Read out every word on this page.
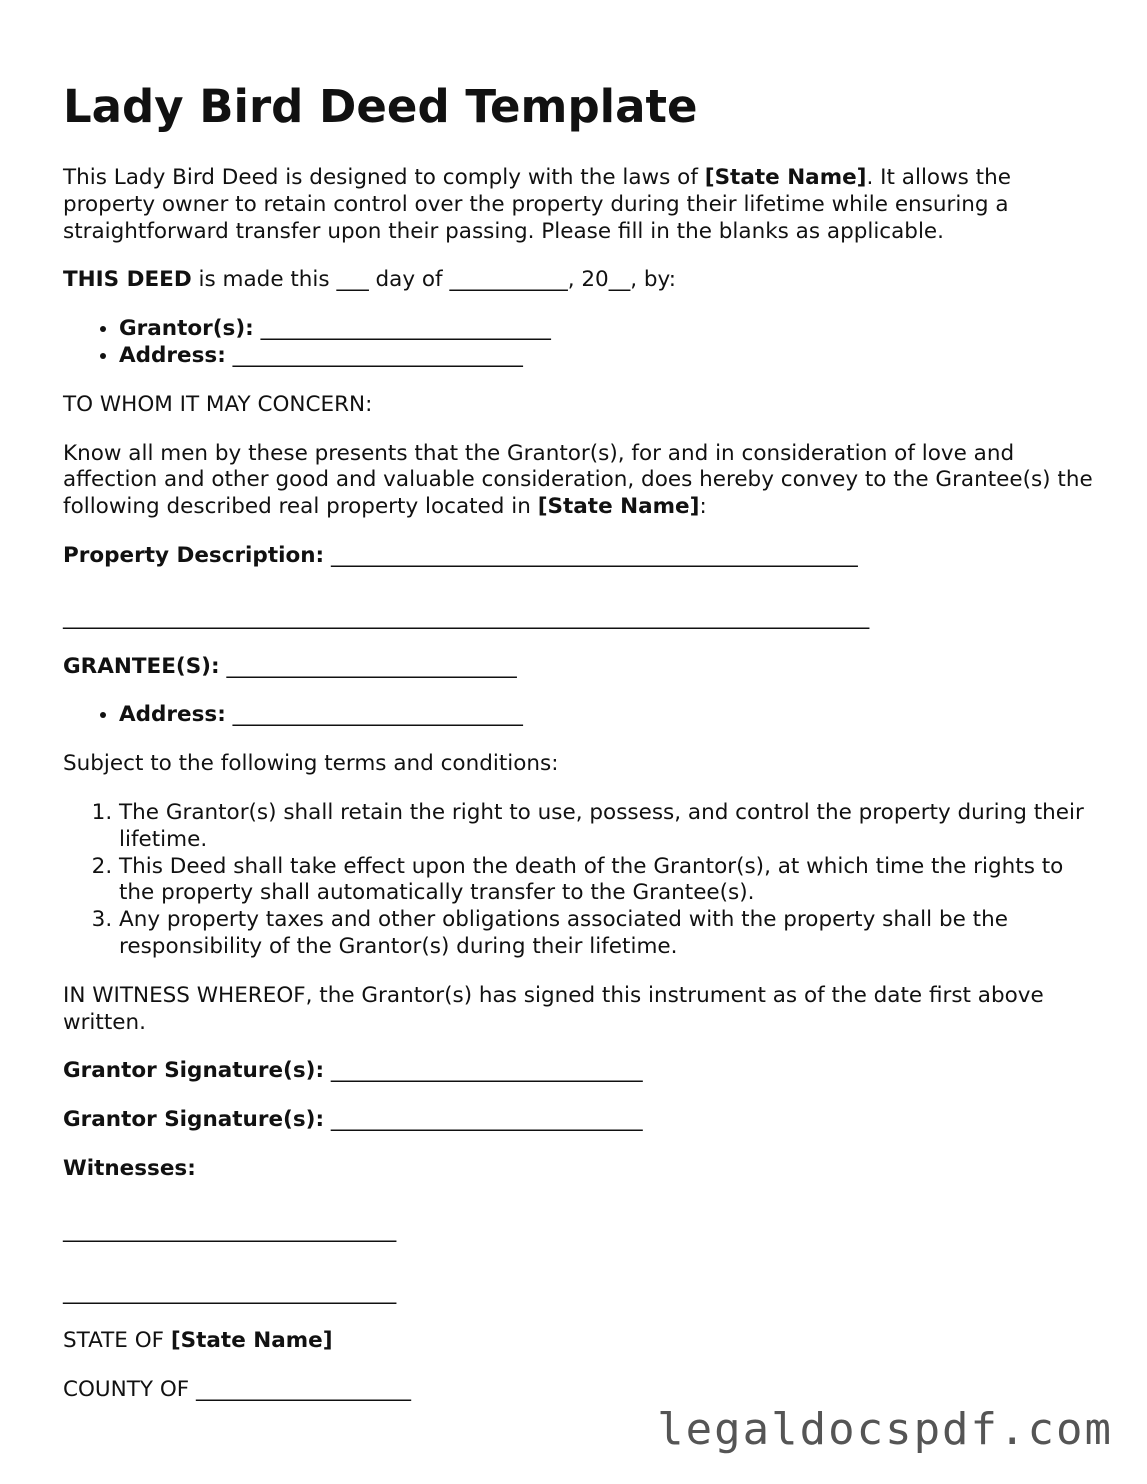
Lady Bird Deed Template

This Lady Bird Deed is designed to comply with the laws of [State Name]. It allows the property owner to retain control over the property during their lifetime while ensuring a straightforward transfer upon their passing. Please fill in the blanks as applicable.

THIS DEED is made this ___ day of ___________, 20__, by:

• Grantor(s): ___________________________
• Address: ___________________________

TO WHOM IT MAY CONCERN:

Know all men by these presents that the Grantor(s), for and in consideration of love and affection and other good and valuable consideration, does hereby convey to the Grantee(s) the following described real property located in [State Name]:

Property Description: _________________________________________________

___________________________________________________________________________

GRANTEE(S): ___________________________

• Address: ___________________________

Subject to the following terms and conditions:

1. The Grantor(s) shall retain the right to use, possess, and control the property during their lifetime.
2. This Deed shall take effect upon the death of the Grantor(s), at which time the rights to the property shall automatically transfer to the Grantee(s).
3. Any property taxes and other obligations associated with the property shall be the responsibility of the Grantor(s) during their lifetime.

IN WITNESS WHEREOF, the Grantor(s) has signed this instrument as of the date first above written.

Grantor Signature(s): _____________________________

Grantor Signature(s): _____________________________

Witnesses:

_______________________________

_______________________________

STATE OF [State Name]

COUNTY OF ____________________

legaldocspdf.com
